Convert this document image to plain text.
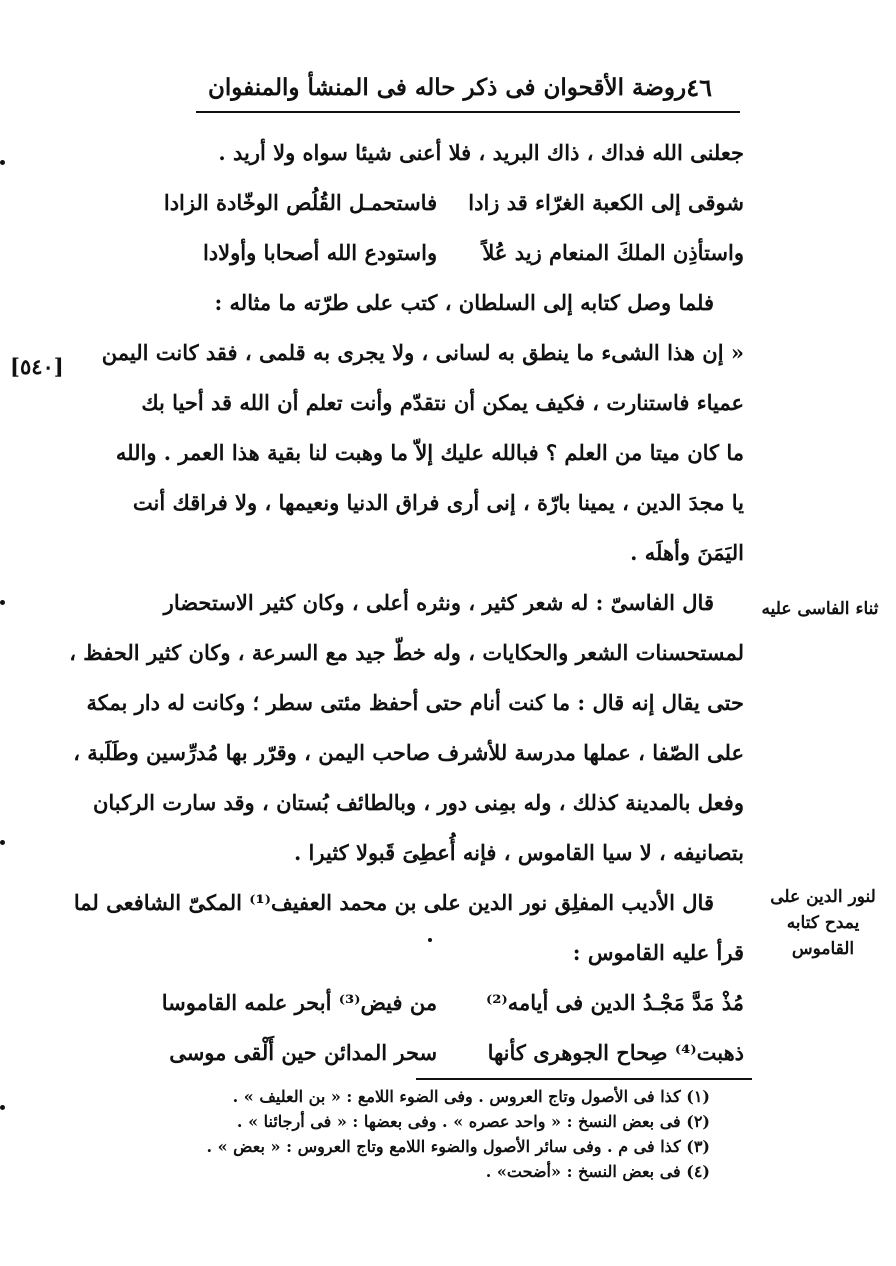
٤٦
روضة الأقحوان فى ذكر حاله فى المنشأ والمنفوان
جعلنى الله فداك ، ذاك البريد ، فلا أعنى شيئا سواه ولا أريد .
شوقى إلى الكعبة الغرّاء قد زادا
فاستحمـل القُلُص الوخّادة الزادا
واستأذِن الملكَ المنعام زيد عُلاً
واستودع الله أصحابا وأولادا
فلما وصل كتابه إلى السلطان ، كتب على طرّته ما مثاله :
« إن هذا الشىء ما ينطق به لسانى ، ولا يجرى به قلمى ، فقد كانت اليمن
عمياء فاستنارت ، فكيف يمكن أن نتقدّم وأنت تعلم أن الله قد أحيا بك
ما كان ميتا من العلم ؟ فبالله عليك إلاّ ما وهبت لنا بقية هذا العمر . والله
يا مجدَ الدين ، يمينا بارّة ، إنى أرى فراق الدنيا ونعيمها ، ولا فراقك أنت
اليَمَنَ وأهلَه .
قال الفاسىّ : له شعر كثير ، ونثره أعلى ، وكان كثير الاستحضار
لمستحسنات الشعر والحكايات ، وله خطّ جيد مع السرعة ، وكان كثير الحفظ ،
حتى يقال إنه قال : ما كنت أنام حتى أحفظ مئتى سطر ؛ وكانت له دار بمكة
على الصّفا ، عملها مدرسة للأشرف صاحب اليمن ، وقرّر بها مُدرِّسين وطَلَبة ،
وفعل بالمدينة كذلك ، وله بمِنى دور ، وبالطائف بُستان ، وقد سارت الركبان
بتصانيفه ، لا سيا القاموس ، فإنه أُعطِىَ قَبولا كثيرا .
قال الأديب المفلِق نور الدين على بن محمد العفيف⁽¹⁾ المكىّ الشافعى لما
قرأ عليه القاموس :
مُذْ مَدَّ مَجْـدُ الدين فى أيامه⁽²⁾
من فيض⁽³⁾ أبحر علمه القاموسا
ذهبت⁽⁴⁾ صِحاح الجوهرى كأنها
سحر المدائن حين أَلْقى موسى
[٥٤٠]
ثناء الفاسى عليه
لنور الدين على
يمدح كتابه
القاموس
(١) كذا فى الأصول وتاج العروس . وفى الضوء اللامع : « بن العليف » .
(٢) فى بعض النسخ : « واحد عصره » . وفى بعضها : « فى أرجائنا » .
(٣) كذا فى م . وفى سائر الأصول والضوء اللامع وتاج العروس : « بعض » .
(٤) فى بعض النسخ : «أضحت» .
